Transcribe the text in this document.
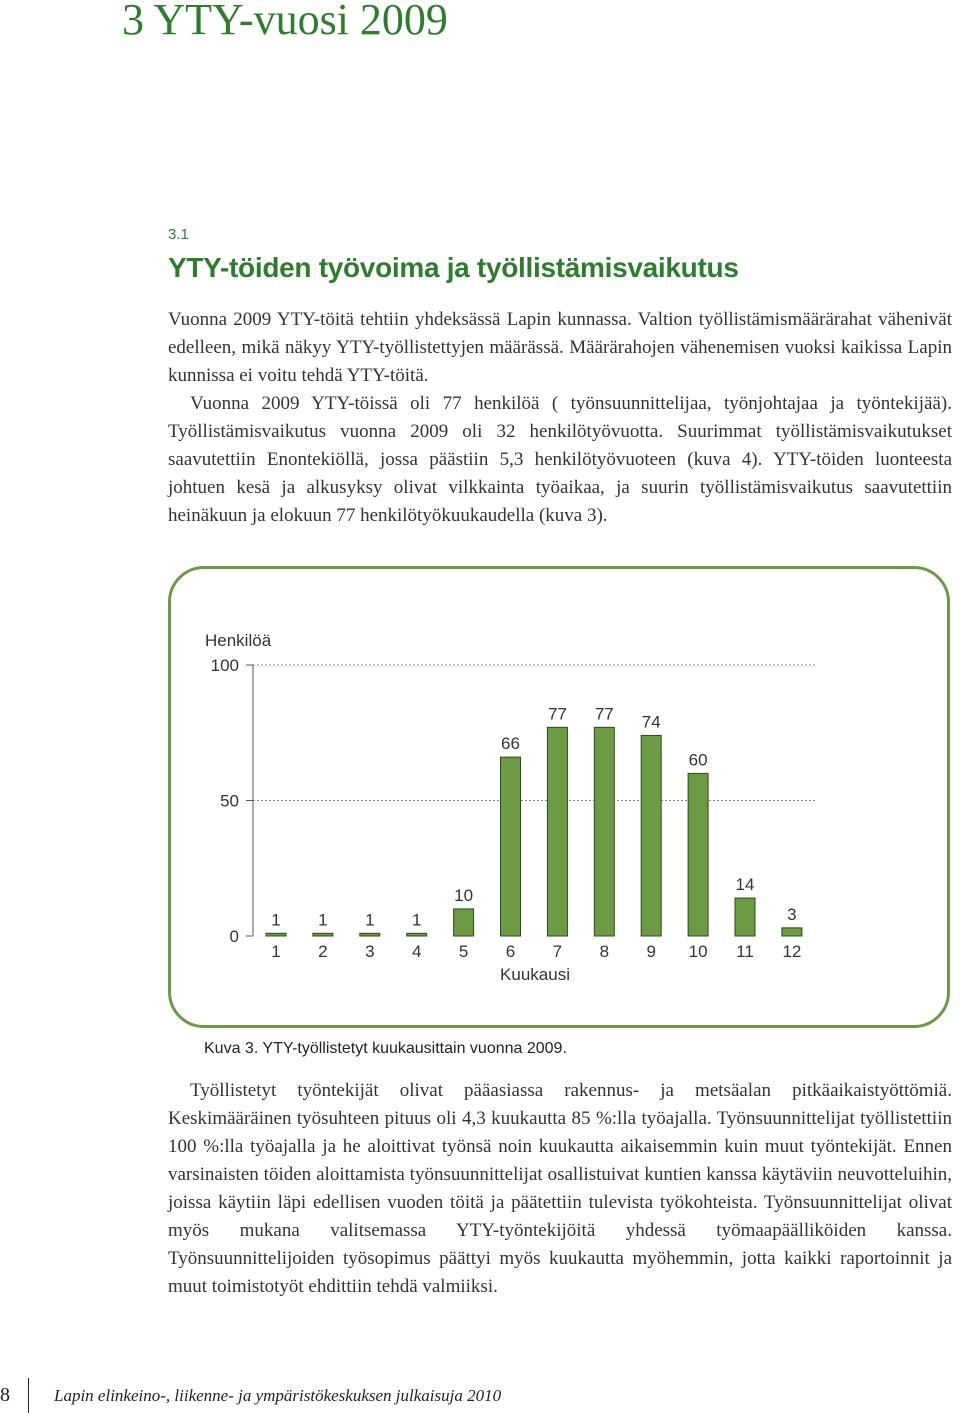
3 YTY-vuosi 2009
3.1
YTY-töiden työvoima ja työllistämisvaikutus

Vuonna 2009 YTY-töitä tehtiin yhdeksässä Lapin kunnassa. Valtion työllistämismäärärahat vähenivät edelleen, mikä näkyy YTY-työllistettyjen määrässä. Määrärahojen vähenemisen vuoksi kaikissa Lapin kunnissa ei voitu tehdä YTY-töitä.

Vuonna 2009 YTY-töissä oli 77 henkilöä ( työnsuunnittelijaa, työnjohtajaa ja työntekijää). Työllistämisvaikutus vuonna 2009 oli 32 henkilötyövuotta. Suurimmat työllistämisvaikutukset saavutettiin Enontekiöllä, jossa päästiin 5,3 henkilötyövuoteen (kuva 4). YTY-töiden luonteesta johtuen kesä ja alkusyksy olivat vilkkainta työaikaa, ja suurin työllistämisvaikutus saavutettiin heinäkuun ja elokuun 77 henkilötyökuukaudella (kuva 3).

Henkilöä
0
50
100
1
1
1
2
1
3
1
4
10
5
66
6
77
7
77
8
74
9
60
10
14
11
3
12
Kuukausi
Kuva 3. YTY-työllistetyt kuukausittain vuonna 2009.

Työllistetyt työntekijät olivat pääasiassa rakennus- ja metsäalan pitkäaikaistyöttömiä. Keskimääräinen työsuhteen pituus oli 4,3 kuukautta 85 %:lla työajalla. Työnsuunnittelijat työllistettiin 100 %:lla työajalla ja he aloittivat työnsä noin kuukautta aikaisemmin kuin muut työntekijät. Ennen varsinaisten töiden aloittamista työnsuunnittelijat osallistuivat kuntien kanssa käytäviin neuvotteluihin, joissa käytiin läpi edellisen vuoden töitä ja päätettiin tulevista työkohteista. Työnsuunnittelijat olivat myös mukana valitsemassa YTY-työntekijöitä yhdessä työmaapäälliköiden kanssa. Työnsuunnittelijoiden työsopimus päättyi myös kuukautta myöhemmin, jotta kaikki raportoinnit ja muut toimistotyöt ehdittiin tehdä valmiiksi.

8	Lapin elinkeino-, liikenne- ja ympäristökeskuksen julkaisuja 2010
